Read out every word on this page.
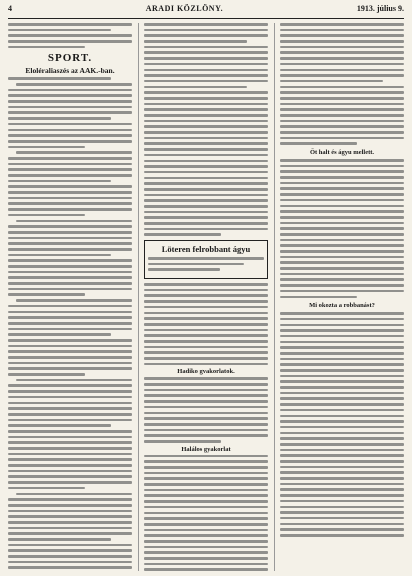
4	ARADI KÖZLÖNY.	1913. július 9.
SPORT.
Eloléraliaszés az AAK.-ban.
Löteren felrobbant ágyu
Hadiko gvakorlatok.
Halálos gyakorlat
Öt halt és ágyu mellett.
Mi okozta a robbanást?
